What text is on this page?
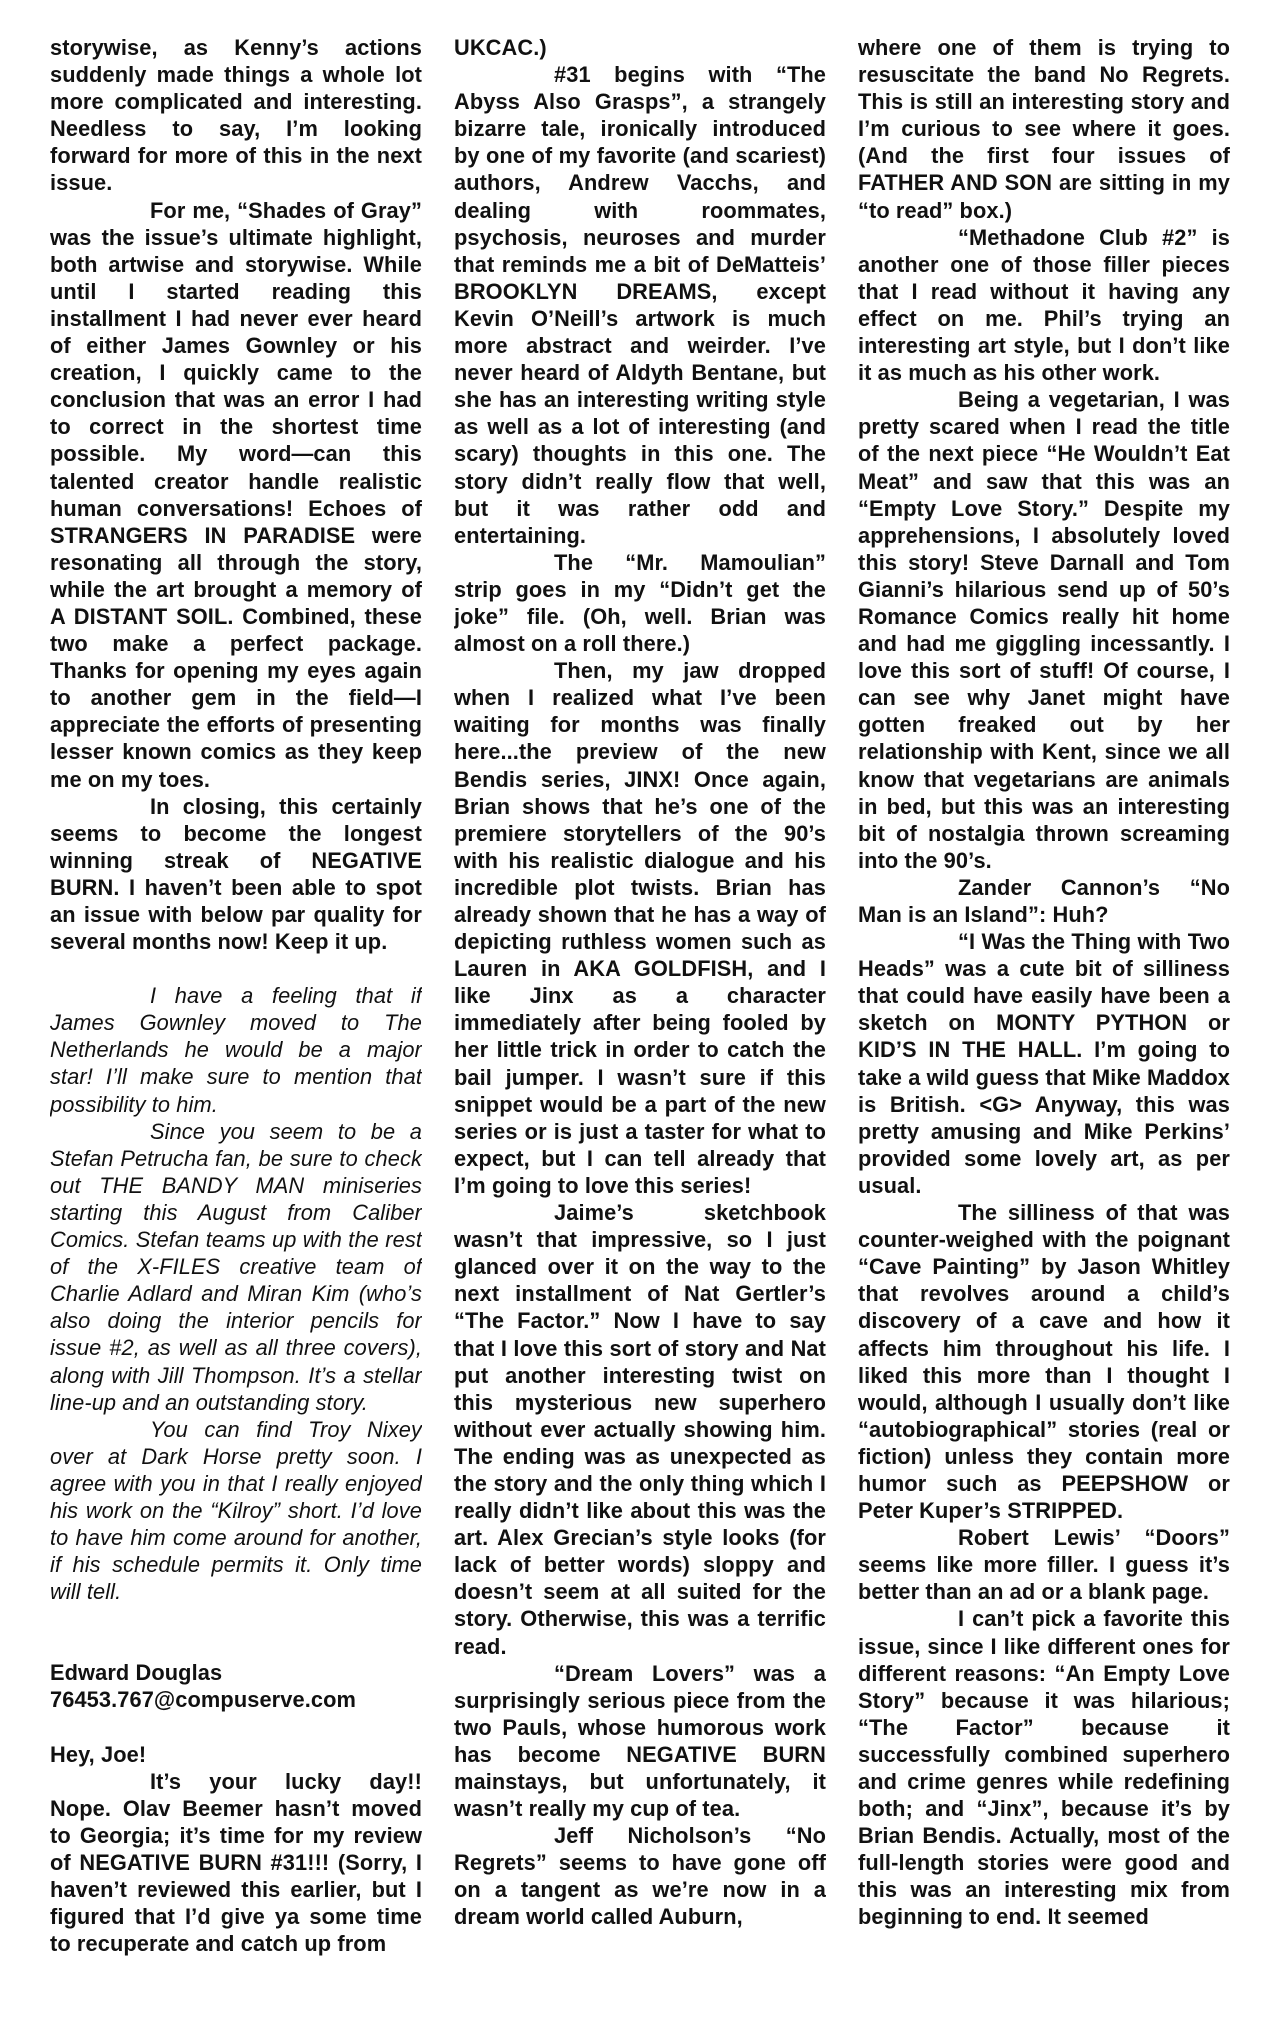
storywise, as Kenny’s actions suddenly made things a whole lot more complicated and interesting. Needless to say, I’m looking forward for more of this in the next issue.

For me, “Shades of Gray” was the issue’s ultimate highlight, both artwise and storywise. While until I started reading this installment I had never ever heard of either James Gownley or his creation, I quickly came to the conclusion that was an error I had to correct in the shortest time possible. My word—can this talented creator handle realistic human conversations! Echoes of STRANGERS IN PARADISE were resonating all through the story, while the art brought a memory of A DISTANT SOIL. Combined, these two make a perfect package. Thanks for opening my eyes again to another gem in the field—I appreciate the efforts of presenting lesser known comics as they keep me on my toes.

In closing, this certainly seems to become the longest winning streak of NEGATIVE BURN. I haven’t been able to spot an issue with below par quality for several months now! Keep it up.

I have a feeling that if James Gownley moved to The Netherlands he would be a major star! I’ll make sure to mention that possibility to him.

Since you seem to be a Stefan Petrucha fan, be sure to check out THE BANDY MAN miniseries starting this August from Caliber Comics. Stefan teams up with the rest of the X-FILES creative team of Charlie Adlard and Miran Kim (who’s also doing the interior pencils for issue #2, as well as all three covers), along with Jill Thompson. It’s a stellar line-up and an outstanding story.

You can find Troy Nixey over at Dark Horse pretty soon. I agree with you in that I really enjoyed his work on the “Kilroy” short. I’d love to have him come around for another, if his schedule permits it. Only time will tell.

Edward Douglas

76453.767@compuserve.com

Hey, Joe!

It’s your lucky day!! Nope. Olav Beemer hasn’t moved to Georgia; it’s time for my review of NEGATIVE BURN #31!!! (Sorry, I haven’t reviewed this earlier, but I figured that I’d give ya some time to recuperate and catch up from

UKCAC.)

#31 begins with “The Abyss Also Grasps”, a strangely bizarre tale, ironically introduced by one of my favorite (and scariest) authors, Andrew Vacchs, and dealing with roommates, psychosis, neuroses and murder that reminds me a bit of DeMatteis’ BROOKLYN DREAMS, except Kevin O’Neill’s artwork is much more abstract and weirder. I’ve never heard of Aldyth Bentane, but she has an interesting writing style as well as a lot of interesting (and scary) thoughts in this one. The story didn’t really flow that well, but it was rather odd and entertaining.

The “Mr. Mamoulian” strip goes in my “Didn’t get the joke” file. (Oh, well. Brian was almost on a roll there.)

Then, my jaw dropped when I realized what I’ve been waiting for months was finally here...the preview of the new Bendis series, JINX! Once again, Brian shows that he’s one of the premiere storytellers of the 90’s with his realistic dialogue and his incredible plot twists. Brian has already shown that he has a way of depicting ruthless women such as Lauren in AKA GOLDFISH, and I like Jinx as a character immediately after being fooled by her little trick in order to catch the bail jumper. I wasn’t sure if this snippet would be a part of the new series or is just a taster for what to expect, but I can tell already that I’m going to love this series!

Jaime’s sketchbook wasn’t that impressive, so I just glanced over it on the way to the next installment of Nat Gertler’s “The Factor.” Now I have to say that I love this sort of story and Nat put another interesting twist on this mysterious new superhero without ever actually showing him. The ending was as unexpected as the story and the only thing which I really didn’t like about this was the art. Alex Grecian’s style looks (for lack of better words) sloppy and doesn’t seem at all suited for the story. Otherwise, this was a terrific read.

“Dream Lovers” was a surprisingly serious piece from the two Pauls, whose humorous work has become NEGATIVE BURN mainstays, but unfortunately, it wasn’t really my cup of tea.

Jeff Nicholson’s “No Regrets” seems to have gone off on a tangent as we’re now in a dream world called Auburn,

where one of them is trying to resuscitate the band No Regrets. This is still an interesting story and I’m curious to see where it goes.(And the first four issues of FATHER AND SON are sitting in my “to read” box.)

“Methadone Club #2” is another one of those filler pieces that I read without it having any effect on me. Phil’s trying an interesting art style, but I don’t like it as much as his other work.

Being a vegetarian, I was pretty scared when I read the title of the next piece “He Wouldn’t Eat Meat” and saw that this was an “Empty Love Story.” Despite my apprehensions, I absolutely loved this story! Steve Darnall and Tom Gianni’s hilarious send up of 50’s Romance Comics really hit home and had me giggling incessantly. I love this sort of stuff! Of course, I can see why Janet might have gotten freaked out by her relationship with Kent, since we all know that vegetarians are animals in bed, but this was an interesting bit of nostalgia thrown screaming into the 90’s.

Zander Cannon’s “No Man is an Island”: Huh?

“I Was the Thing with Two Heads” was a cute bit of silliness that could have easily have been a sketch on MONTY PYTHON or KID’S IN THE HALL. I’m going to take a wild guess that Mike Maddox is British. <G> Anyway, this was pretty amusing and Mike Perkins’ provided some lovely art, as per usual.

The silliness of that was counter-weighed with the poignant “Cave Painting” by Jason Whitley that revolves around a child’s discovery of a cave and how it affects him throughout his life. I liked this more than I thought I would, although I usually don’t like “autobiographical” stories (real or fiction) unless they contain more humor such as PEEPSHOW or Peter Kuper’s STRIPPED.

Robert Lewis’ “Doors” seems like more filler. I guess it’s better than an ad or a blank page.

I can’t pick a favorite this issue, since I like different ones for different reasons: “An Empty Love Story” because it was hilarious; “The Factor” because it successfully combined superhero and crime genres while redefining both; and “Jinx”, because it’s by Brian Bendis. Actually, most of the full-length stories were good and this was an interesting mix from beginning to end. It seemed
